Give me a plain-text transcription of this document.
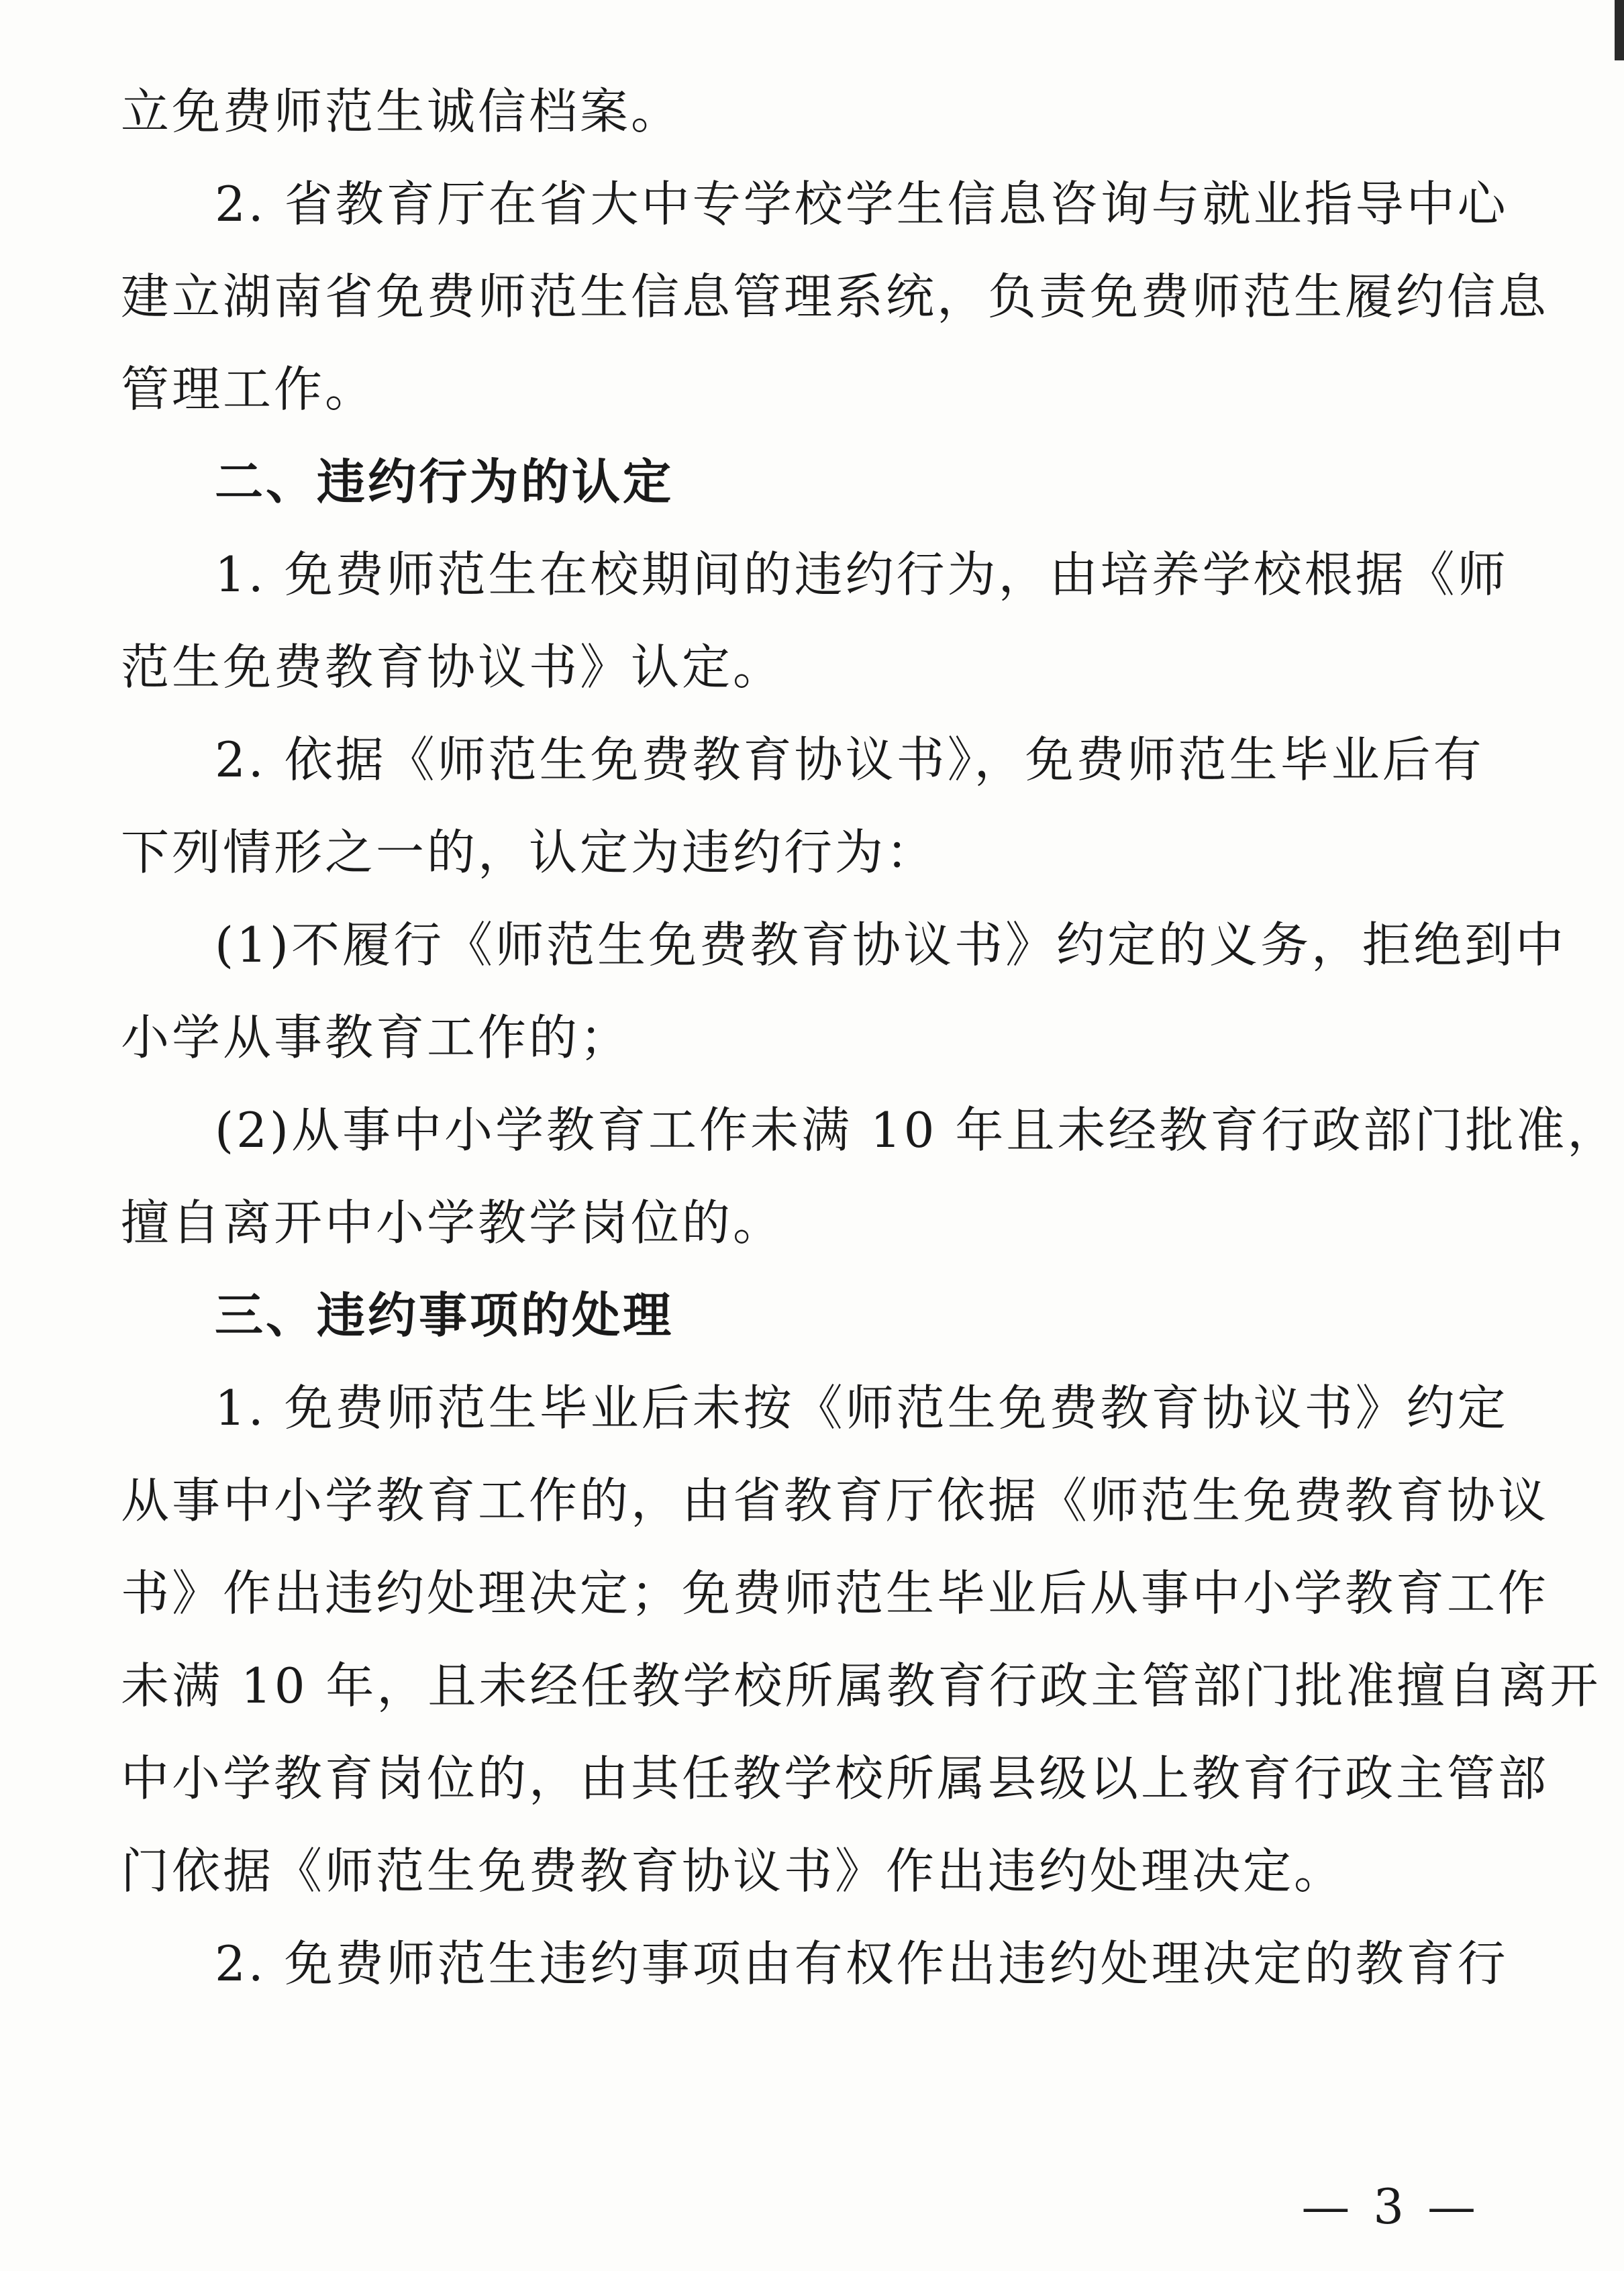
立免费师范生诚信档案。

2. 省教育厅在省大中专学校学生信息咨询与就业指导中心

建立湖南省免费师范生信息管理系统，负责免费师范生履约信息

管理工作。

二、违约行为的认定

1. 免费师范生在校期间的违约行为，由培养学校根据《师

范生免费教育协议书》认定。

2. 依据《师范生免费教育协议书》，免费师范生毕业后有

下列情形之一的，认定为违约行为：

(1)不履行《师范生免费教育协议书》约定的义务，拒绝到中

小学从事教育工作的；

(2)从事中小学教育工作未满 10 年且未经教育行政部门批准，

擅自离开中小学教学岗位的。

三、违约事项的处理

1. 免费师范生毕业后未按《师范生免费教育协议书》约定

从事中小学教育工作的，由省教育厅依据《师范生免费教育协议

书》作出违约处理决定；免费师范生毕业后从事中小学教育工作

未满 10 年，且未经任教学校所属教育行政主管部门批准擅自离开

中小学教育岗位的，由其任教学校所属县级以上教育行政主管部

门依据《师范生免费教育协议书》作出违约处理决定。

2. 免费师范生违约事项由有权作出违约处理决定的教育行

— 3 —
